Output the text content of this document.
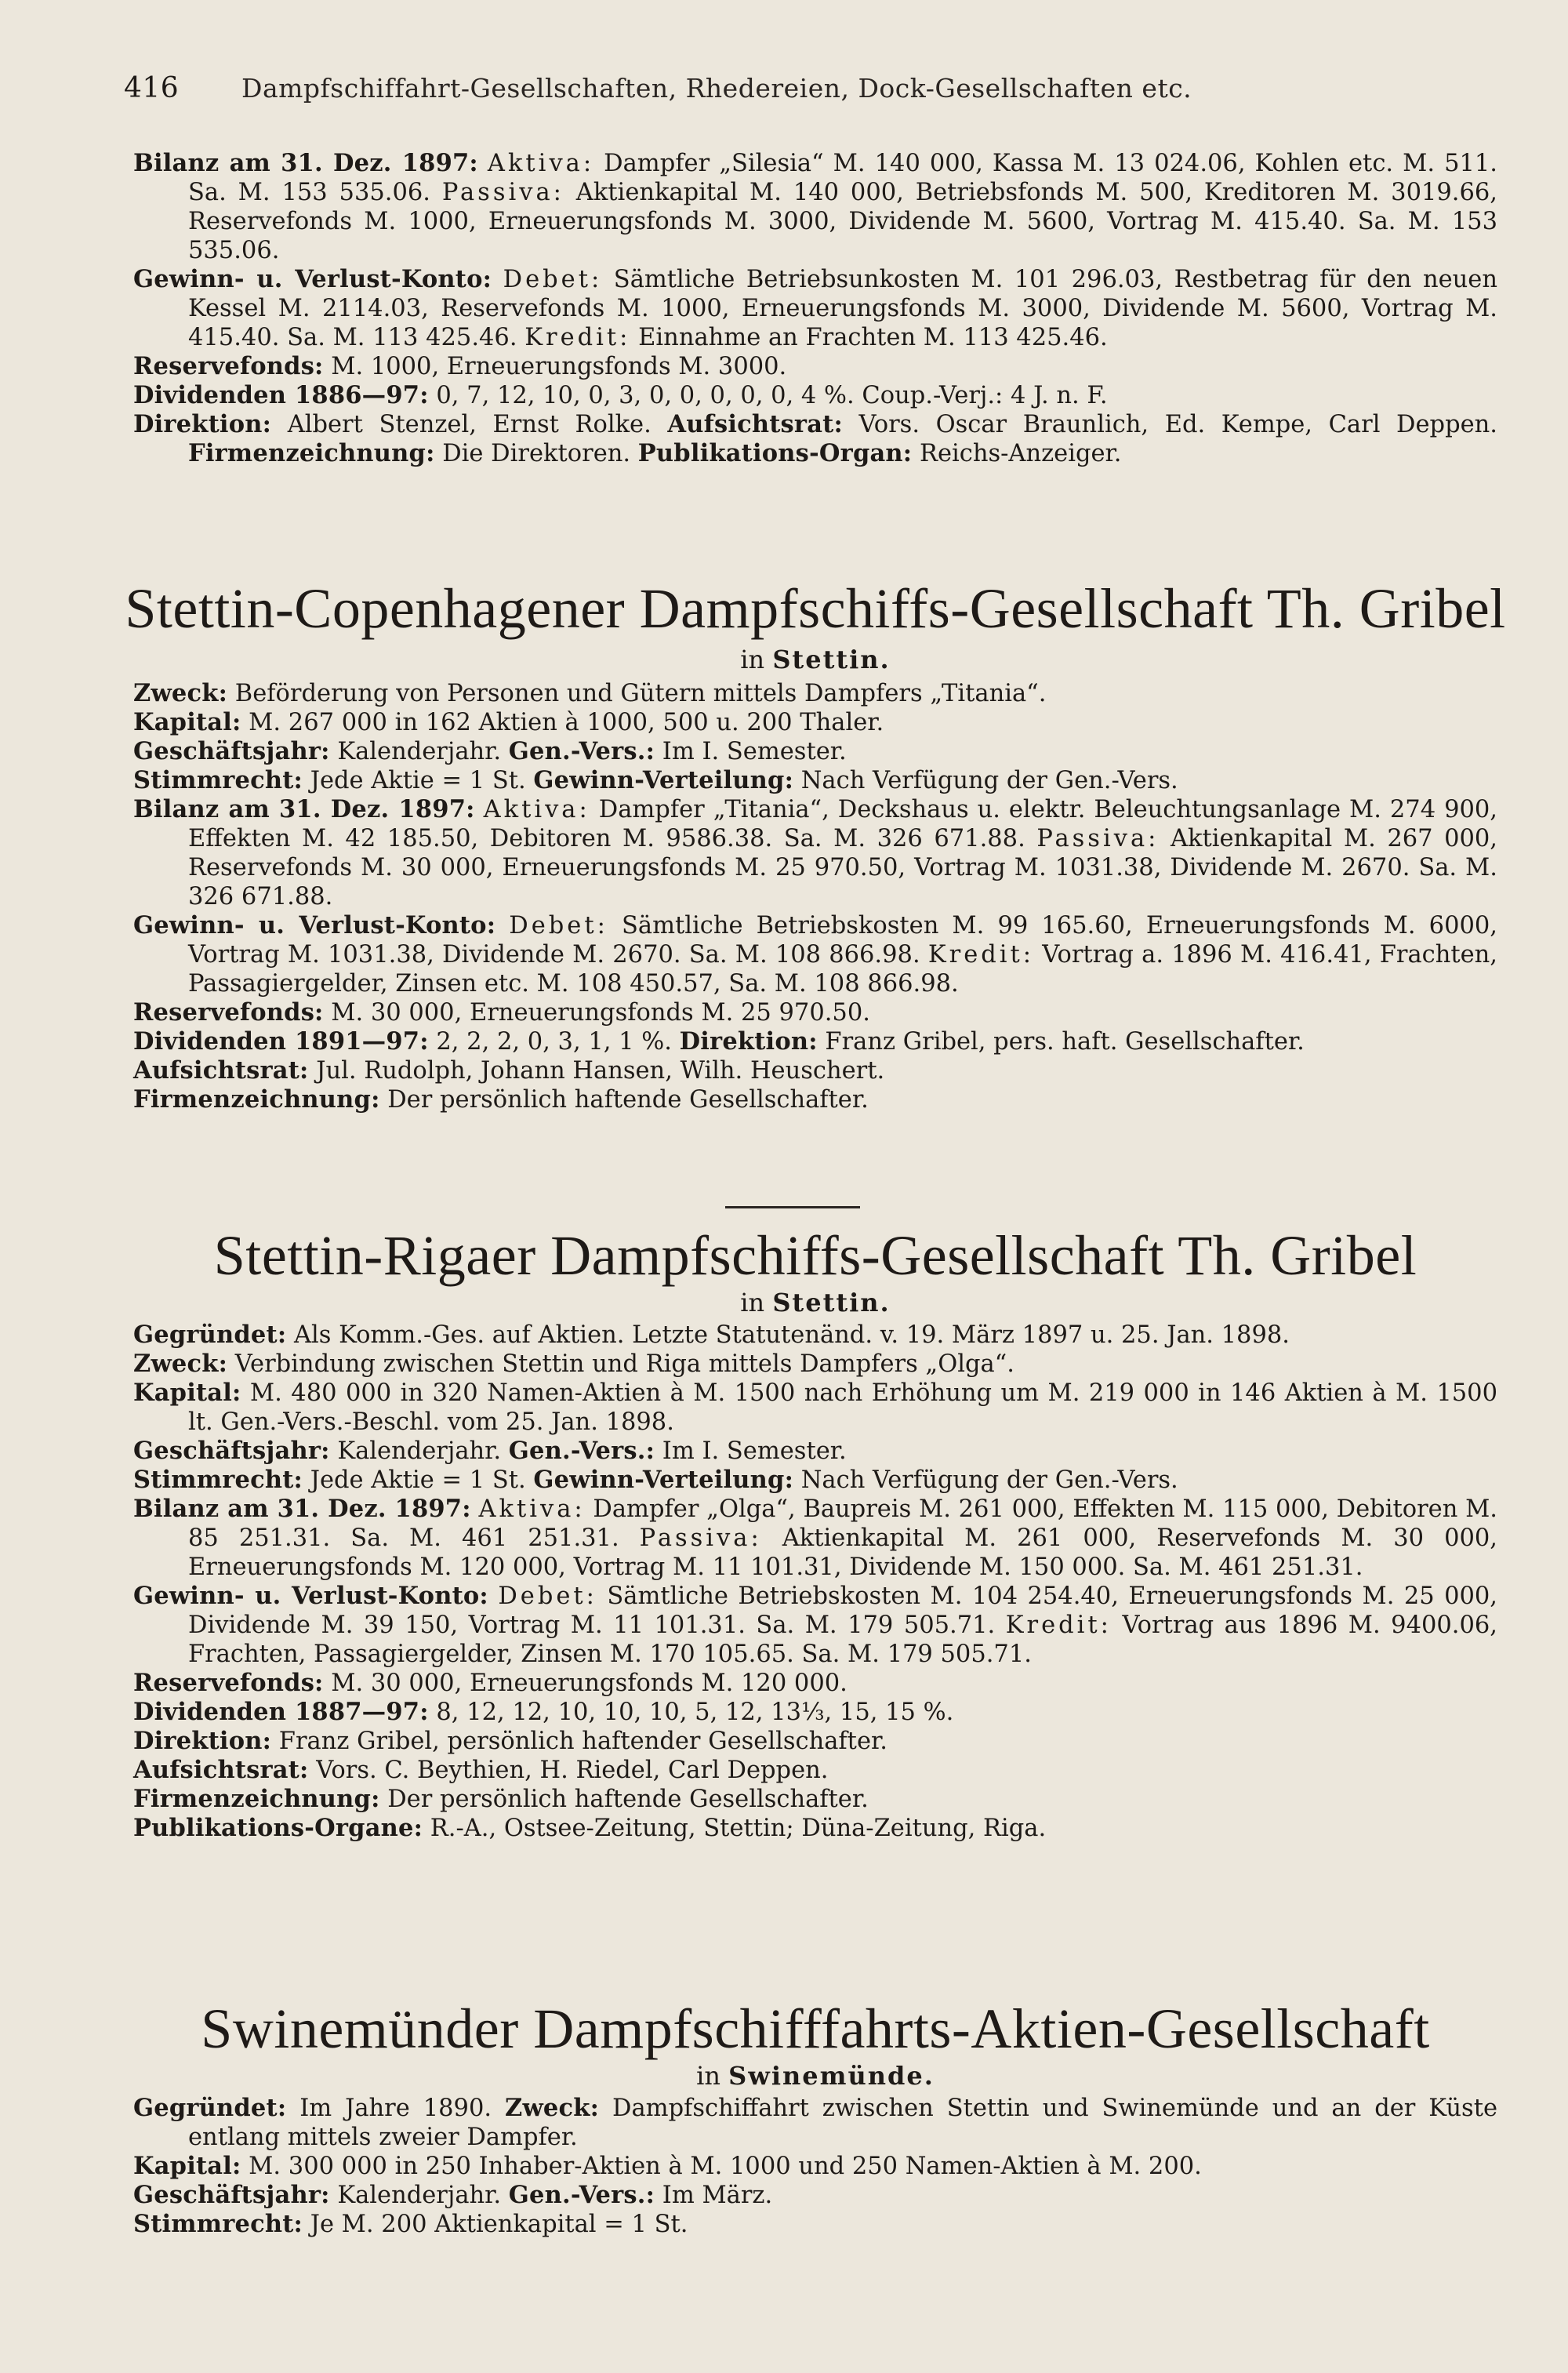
416 Dampfschiffahrt-Gesellschaften, Rhedereien, Dock-Gesellschaften etc.

Bilanz am 31. Dez. 1897: Aktiva: Dampfer „Silesia“ M. 140 000, Kassa M. 13 024.06, Kohlen etc. M. 511. Sa. M. 153 535.06. Passiva: Aktienkapital M. 140 000, Betriebsfonds M. 500, Kreditoren M. 3019.66, Reservefonds M. 1000, Erneuerungsfonds M. 3000, Dividende M. 5600, Vortrag M. 415.40. Sa. M. 153 535.06.

Gewinn- u. Verlust-Konto: Debet: Sämtliche Betriebsunkosten M. 101 296.03, Restbetrag für den neuen Kessel M. 2114.03, Reservefonds M. 1000, Erneuerungsfonds M. 3000, Dividende M. 5600, Vortrag M. 415.40. Sa. M. 113 425.46. Kredit: Einnahme an Frachten M. 113 425.46.

Reservefonds: M. 1000, Erneuerungsfonds M. 3000.

Dividenden 1886—97: 0, 7, 12, 10, 0, 3, 0, 0, 0, 0, 0, 4 %. Coup.-Verj.: 4 J. n. F.

Direktion: Albert Stenzel, Ernst Rolke. Aufsichtsrat: Vors. Oscar Braunlich, Ed. Kempe, Carl Deppen. Firmenzeichnung: Die Direktoren. Publikations-Organ: Reichs-Anzeiger.

Stettin-Copenhagener Dampfschiffs-Gesellschaft Th. Gribel
in Stettin.

Zweck: Beförderung von Personen und Gütern mittels Dampfers „Titania“.

Kapital: M. 267 000 in 162 Aktien à 1000, 500 u. 200 Thaler.

Geschäftsjahr: Kalenderjahr. Gen.-Vers.: Im I. Semester.

Stimmrecht: Jede Aktie = 1 St. Gewinn-Verteilung: Nach Verfügung der Gen.-Vers.

Bilanz am 31. Dez. 1897: Aktiva: Dampfer „Titania“, Deckshaus u. elektr. Beleuchtungsanlage M. 274 900, Effekten M. 42 185.50, Debitoren M. 9586.38. Sa. M. 326 671.88. Passiva: Aktienkapital M. 267 000, Reservefonds M. 30 000, Erneuerungsfonds M. 25 970.50, Vortrag M. 1031.38, Dividende M. 2670. Sa. M. 326 671.88.

Gewinn- u. Verlust-Konto: Debet: Sämtliche Betriebskosten M. 99 165.60, Erneuerungsfonds M. 6000, Vortrag M. 1031.38, Dividende M. 2670. Sa. M. 108 866.98. Kredit: Vortrag a. 1896 M. 416.41, Frachten, Passagiergelder, Zinsen etc. M. 108 450.57, Sa. M. 108 866.98.

Reservefonds: M. 30 000, Erneuerungsfonds M. 25 970.50.

Dividenden 1891—97: 2, 2, 2, 0, 3, 1, 1 %. Direktion: Franz Gribel, pers. haft. Gesellschafter.

Aufsichtsrat: Jul. Rudolph, Johann Hansen, Wilh. Heuschert.

Firmenzeichnung: Der persönlich haftende Gesellschafter.

Stettin-Rigaer Dampfschiffs-Gesellschaft Th. Gribel
in Stettin.

Gegründet: Als Komm.-Ges. auf Aktien. Letzte Statutenänd. v. 19. März 1897 u. 25. Jan. 1898.

Zweck: Verbindung zwischen Stettin und Riga mittels Dampfers „Olga“.

Kapital: M. 480 000 in 320 Namen-Aktien à M. 1500 nach Erhöhung um M. 219 000 in 146 Aktien à M. 1500 lt. Gen.-Vers.-Beschl. vom 25. Jan. 1898.

Geschäftsjahr: Kalenderjahr. Gen.-Vers.: Im I. Semester.

Stimmrecht: Jede Aktie = 1 St. Gewinn-Verteilung: Nach Verfügung der Gen.-Vers.

Bilanz am 31. Dez. 1897: Aktiva: Dampfer „Olga“, Baupreis M. 261 000, Effekten M. 115 000, Debitoren M. 85 251.31. Sa. M. 461 251.31. Passiva: Aktienkapital M. 261 000, Reservefonds M. 30 000, Erneuerungsfonds M. 120 000, Vortrag M. 11 101.31, Dividende M. 150 000. Sa. M. 461 251.31.

Gewinn- u. Verlust-Konto: Debet: Sämtliche Betriebskosten M. 104 254.40, Erneuerungsfonds M. 25 000, Dividende M. 39 150, Vortrag M. 11 101.31. Sa. M. 179 505.71. Kredit: Vortrag aus 1896 M. 9400.06, Frachten, Passagiergelder, Zinsen M. 170 105.65. Sa. M. 179 505.71.

Reservefonds: M. 30 000, Erneuerungsfonds M. 120 000.

Dividenden 1887—97: 8, 12, 12, 10, 10, 10, 5, 12, 13⅓, 15, 15 %.

Direktion: Franz Gribel, persönlich haftender Gesellschafter.

Aufsichtsrat: Vors. C. Beythien, H. Riedel, Carl Deppen.

Firmenzeichnung: Der persönlich haftende Gesellschafter.

Publikations-Organe: R.-A., Ostsee-Zeitung, Stettin; Düna-Zeitung, Riga.

Swinemünder Dampfschifffahrts-Aktien-Gesellschaft
in Swinemünde.

Gegründet: Im Jahre 1890. Zweck: Dampfschiffahrt zwischen Stettin und Swinemünde und an der Küste entlang mittels zweier Dampfer.

Kapital: M. 300 000 in 250 Inhaber-Aktien à M. 1000 und 250 Namen-Aktien à M. 200.

Geschäftsjahr: Kalenderjahr. Gen.-Vers.: Im März.

Stimmrecht: Je M. 200 Aktienkapital = 1 St.
